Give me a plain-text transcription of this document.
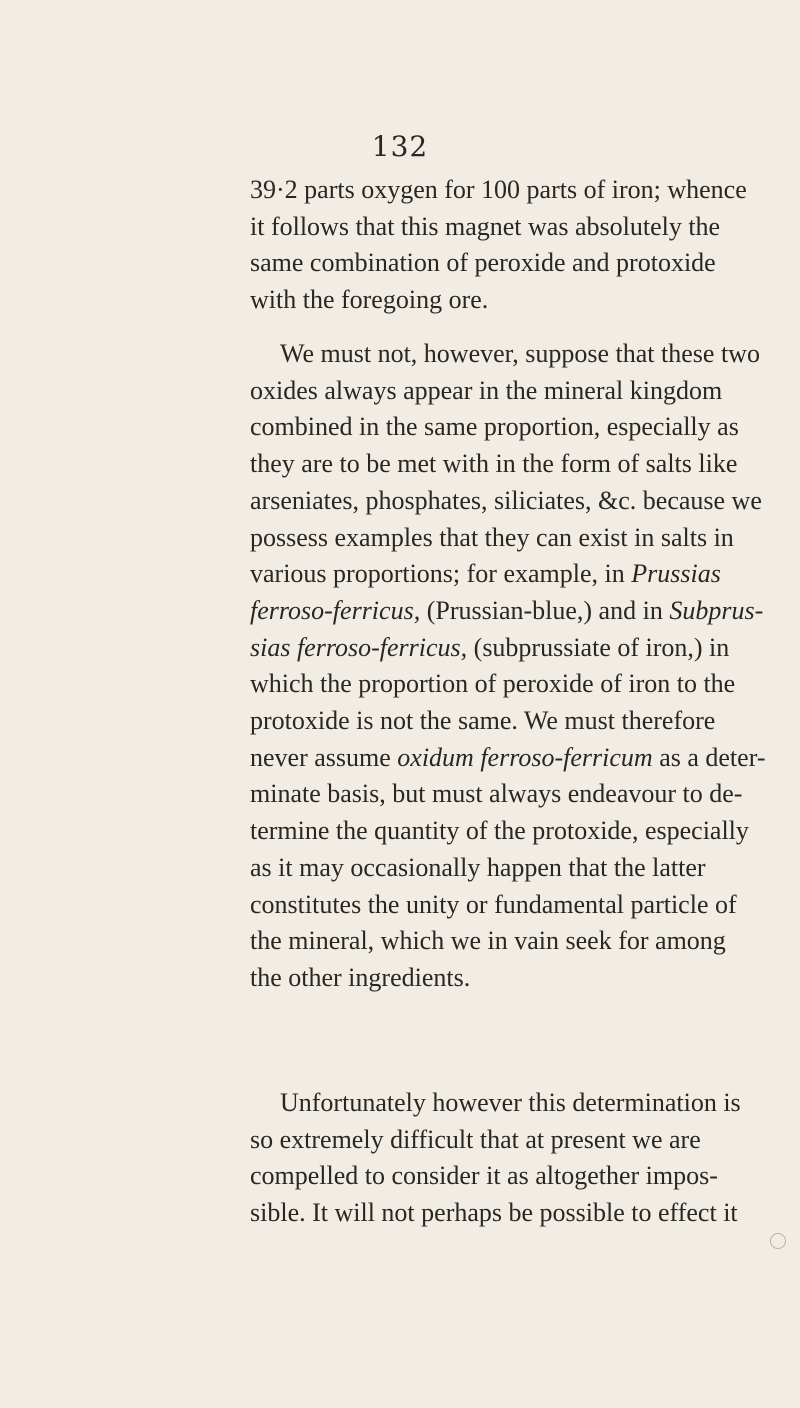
132

39·2 parts oxygen for 100 parts of iron; whence
it follows that this magnet was absolutely the
same combination of peroxide and protoxide
with the foregoing ore.

We must not, however, suppose that these two
oxides always appear in the mineral kingdom
combined in the same proportion, especially as
they are to be met with in the form of salts like
arseniates, phosphates, siliciates, &c. because we
possess examples that they can exist in salts in
various proportions; for example, in Prussias
ferroso-ferricus, (Prussian-blue,) and in Subprus-
sias ferroso-ferricus, (subprussiate of iron,) in
which the proportion of peroxide of iron to the
protoxide is not the same. We must therefore
never assume oxidum ferroso-ferricum as a deter-
minate basis, but must always endeavour to de-
termine the quantity of the protoxide, especially
as it may occasionally happen that the latter
constitutes the unity or fundamental particle of
the mineral, which we in vain seek for among
the other ingredients.

Unfortunately however this determination is
so extremely difficult that at present we are
compelled to consider it as altogether impos-
sible. It will not perhaps be possible to effect it
